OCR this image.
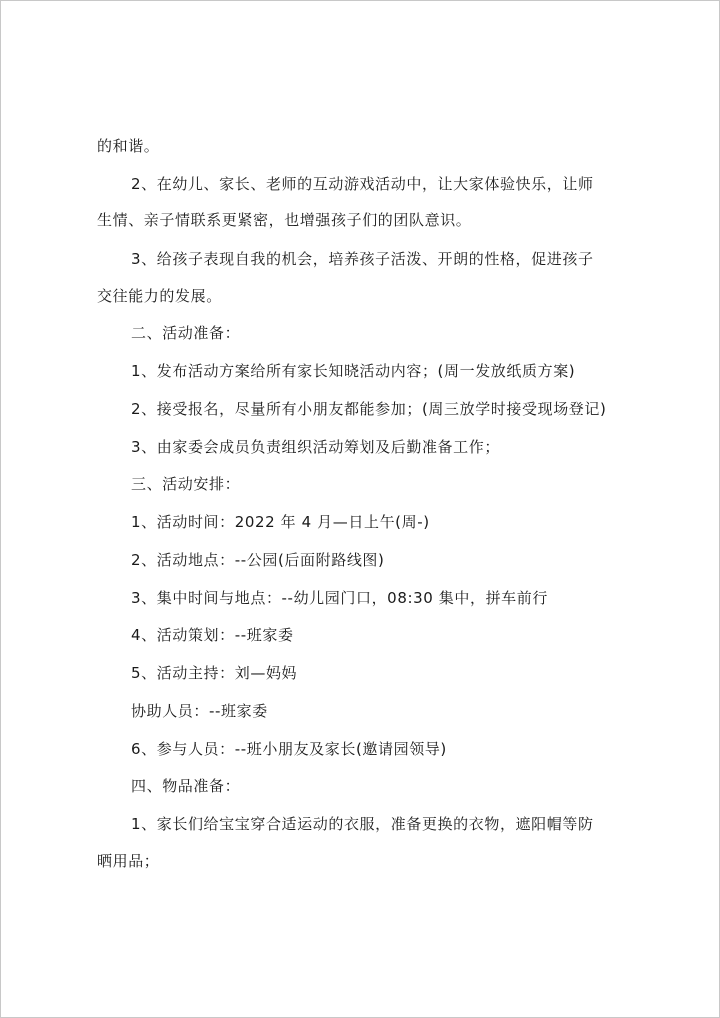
的和谐。
2、在幼儿、家长、老师的互动游戏活动中，让大家体验快乐，让师
生情、亲子情联系更紧密，也增强孩子们的团队意识。
3、给孩子表现自我的机会，培养孩子活泼、开朗的性格，促进孩子
交往能力的发展。
二、活动准备：
1、发布活动方案给所有家长知晓活动内容；(周一发放纸质方案)
2、接受报名，尽量所有小朋友都能参加；(周三放学时接受现场登记)
3、由家委会成员负责组织活动筹划及后勤准备工作；
三、活动安排：
1、活动时间：2022 年 4 月—日上午(周-)
2、活动地点：--公园(后面附路线图)
3、集中时间与地点：--幼儿园门口，08:30 集中，拼车前行
4、活动策划：--班家委
5、活动主持：刘—妈妈
协助人员：--班家委
6、参与人员：--班小朋友及家长(邀请园领导)
四、物品准备：
1、家长们给宝宝穿合适运动的衣服，准备更换的衣物，遮阳帽等防
晒用品；
